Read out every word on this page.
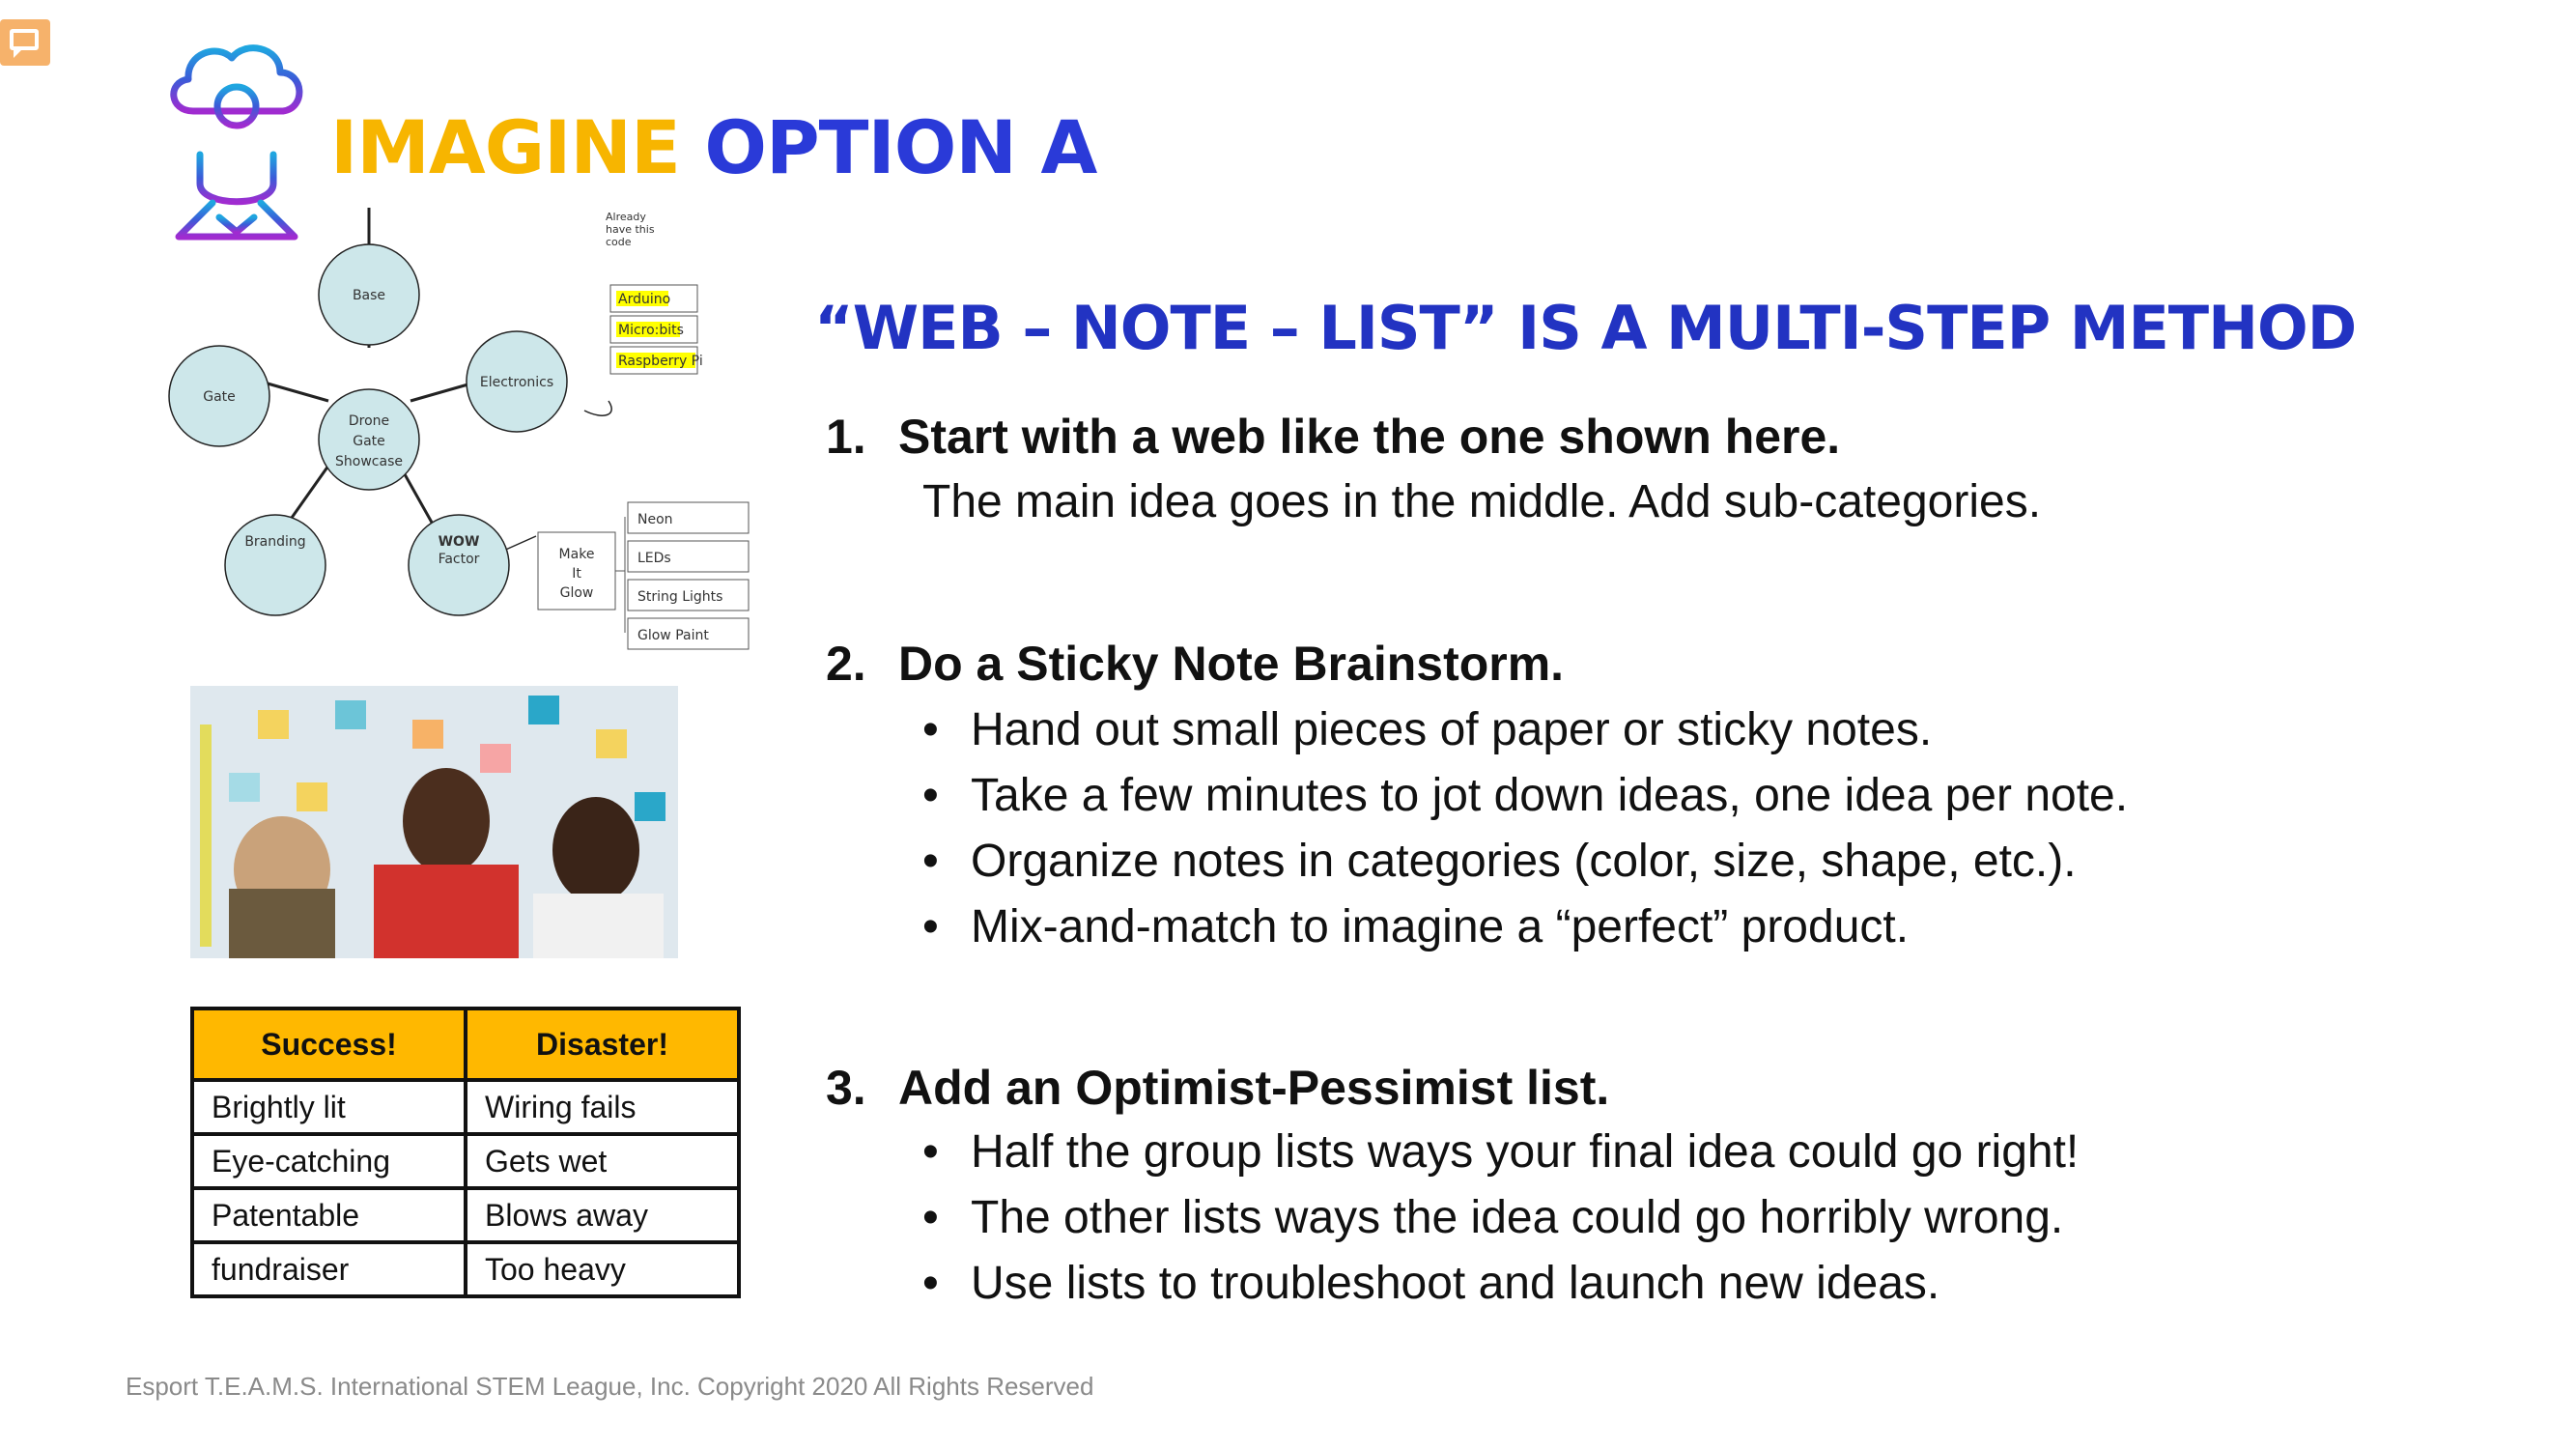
IMAGINE OPTION A
Base
Drone
Gate
Showcase
Gate
Electronics
Branding	WOW
Factor
Already
have this
code
Arduino
Micro:bits
Raspberry Pi
Make
It
Glow
Neon
LEDs
String Lights
Glow Paint
Success!	Disaster!
Brightly lit	Wiring fails
Eye-catching	Gets wet
Patentable	Blows away
fundraiser	Too heavy
“WEB – NOTE – LIST” IS A MULTI-STEP METHOD
1. Start with a web like the one shown here.
The main idea goes in the middle. Add sub-categories.
2. Do a Sticky Note Brainstorm.
• Hand out small pieces of paper or sticky notes.
• Take a few minutes to jot down ideas, one idea per note.
• Organize notes in categories (color, size, shape, etc.).
• Mix-and-match to imagine a “perfect” product.
3. Add an Optimist-Pessimist list.
• Half the group lists ways your final idea could go right!
• The other lists ways the idea could go horribly wrong.
• Use lists to troubleshoot and launch new ideas.
Esport T.E.A.M.S. International STEM League, Inc. Copyright 2020 All Rights Reserved
